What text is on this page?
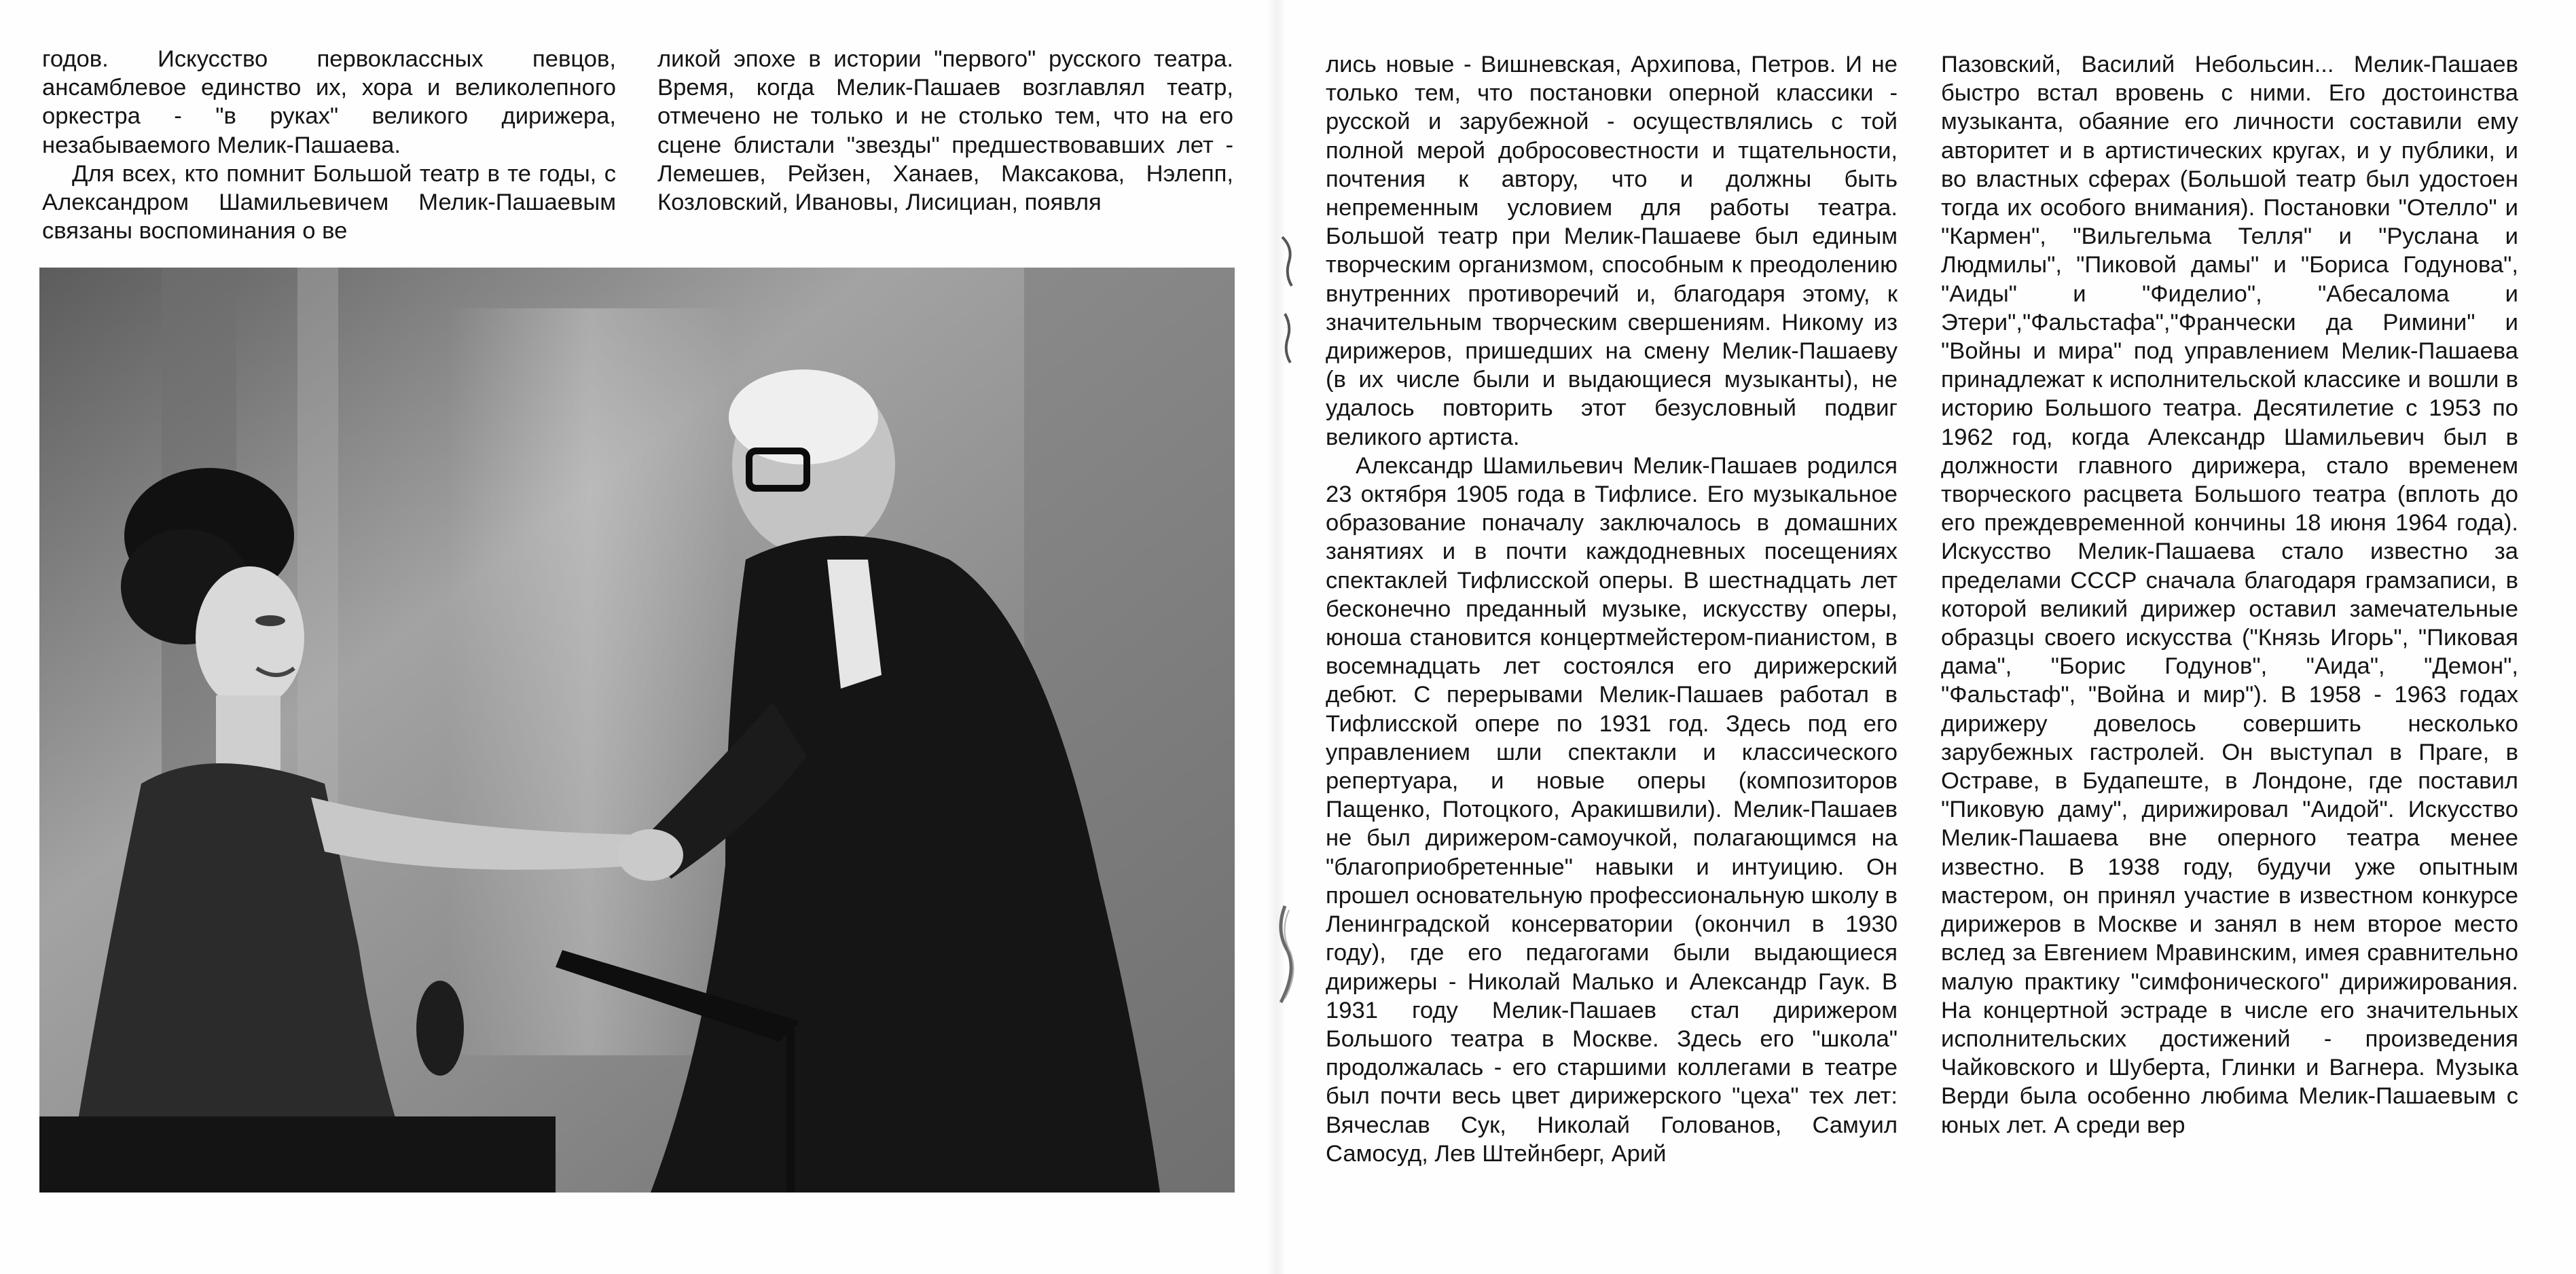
годов. Искусство первоклассных певцов, ансамблевое единство их, хора и великолепного оркестра - "в руках" великого дирижера, незабываемого Мелик-Пашаева.

Для всех, кто помнит Большой театр в те годы, с Александром Шамильевичем Мелик-Пашаевым связаны воспоминания о ве

ликой эпохе в истории "первого" русского театра. Время, когда Мелик-Пашаев возглавлял театр, отмечено не только и не столько тем, что на его сцене блистали "звезды" предшествовавших лет - Лемешев, Рейзен, Ханаев, Максакова, Нэлепп, Козловский, Ивановы, Лисициан, появля

лись новые - Вишневская, Архипова, Петров. И не только тем, что постановки оперной классики - русской и зарубежной - осуществлялись с той полной мерой добросовестности и тщательности, почтения к автору, что и должны быть непременным условием для работы театра. Большой театр при Мелик-Пашаеве был единым творческим организмом, способным к преодолению внутренних противоречий и, благодаря этому, к значительным творческим свершениям. Никому из дирижеров, пришедших на смену Мелик-Пашаеву (в их числе были и выдающиеся музыканты), не удалось повторить этот безусловный подвиг великого артиста.

Александр Шамильевич Мелик-Пашаев родился 23 октября 1905 года в Тифлисе. Его музыкальное образование поначалу заключалось в домашних занятиях и в почти каждодневных посещениях спектаклей Тифлисской оперы. В шестнадцать лет бесконечно преданный музыке, искусству оперы, юноша становится концертмейстером-пианистом, в восемнадцать лет состоялся его дирижерский дебют. С перерывами Мелик-Пашаев работал в Тифлисской опере по 1931 год. Здесь под его управлением шли спектакли и классического репертуара, и новые оперы (композиторов Пащенко, Потоцкого, Аракишвили). Мелик-Пашаев не был дирижером-самоучкой, полагающимся на "благоприобретенные" навыки и интуицию. Он прошел основательную профессиональную школу в Ленинградской консерватории (окончил в 1930 году), где его педагогами были выдающиеся дирижеры - Николай Малько и Александр Гаук. В 1931 году Мелик-Пашаев стал дирижером Большого театра в Москве. Здесь его "школа" продолжалась - его старшими коллегами в театре был почти весь цвет дирижерского "цеха" тех лет: Вячеслав Сук, Николай Голованов, Самуил Самосуд, Лев Штейнберг, Арий

Пазовский, Василий Небольсин... Мелик-Пашаев быстро встал вровень с ними. Его достоинства музыканта, обаяние его личности составили ему авторитет и в артистических кругах, и у публики, и во властных сферах (Большой театр был удостоен тогда их особого внимания). Постановки "Отелло" и "Кармен", "Вильгельма Телля" и "Руслана и Людмилы", "Пиковой дамы" и "Бориса Годунова", "Аиды" и "Фиделио", "Абесалома и Этери","Фальстафа","Франчески да Римини" и "Войны и мира" под управлением Мелик-Пашаева принадлежат к исполнительской классике и вошли в историю Большого театра. Десятилетие с 1953 по 1962 год, когда Александр Шамильевич был в должности главного дирижера, стало временем творческого расцвета Большого театра (вплоть до его преждевременной кончины 18 июня 1964 года). Искусство Мелик-Пашаева стало известно за пределами СССР сначала благодаря грамзаписи, в которой великий дирижер оставил замечательные образцы своего искусства ("Князь Игорь", "Пиковая дама", "Борис Годунов", "Аида", "Демон", "Фальстаф", "Война и мир"). В 1958 - 1963 годах дирижеру довелось совершить несколько зарубежных гастролей. Он выступал в Праге, в Остраве, в Будапеште, в Лондоне, где поставил "Пиковую даму", дирижировал "Аидой". Искусство Мелик-Пашаева вне оперного театра менее известно. В 1938 году, будучи уже опытным мастером, он принял участие в известном конкурсе дирижеров в Москве и занял в нем второе место вслед за Евгением Мравинским, имея сравнительно малую практику "симфонического" дирижирования. На концертной эстраде в числе его значительных исполнительских достижений - произведения Чайковского и Шуберта, Глинки и Вагнера. Музыка Верди была особенно любима Мелик-Пашаевым с юных лет. А среди вер
